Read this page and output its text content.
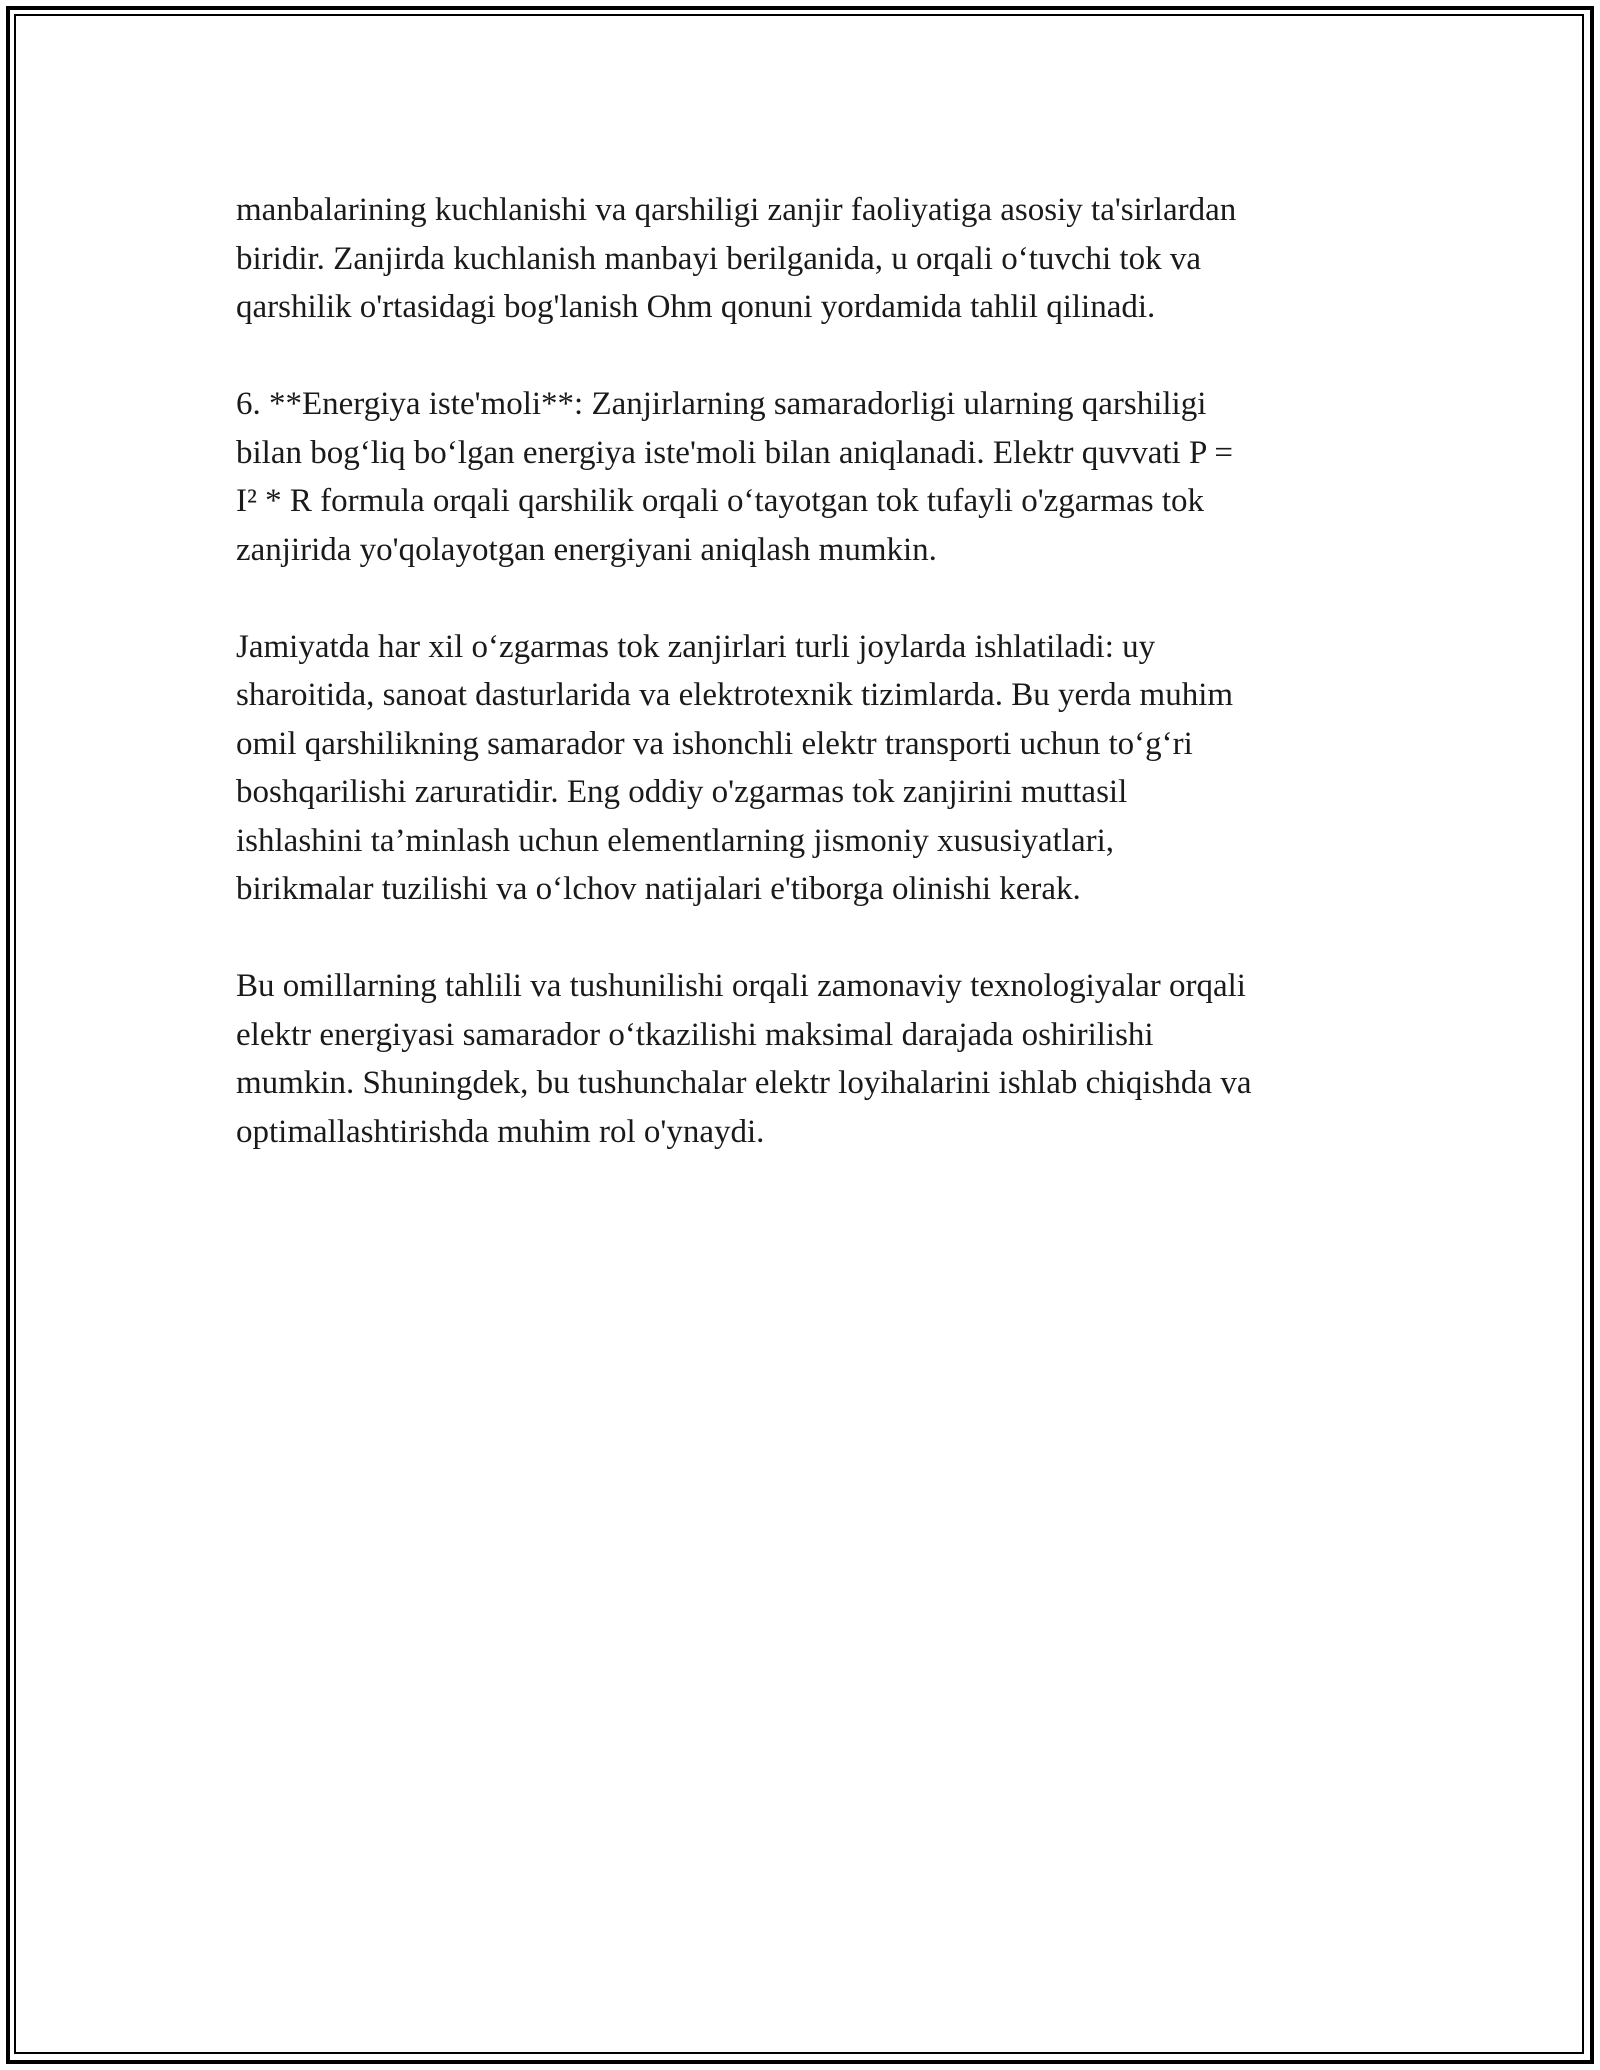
manbalarining kuchlanishi va qarshiligi zanjir faoliyatiga asosiy ta'sirlardan
biridir. Zanjirda kuchlanish manbayi berilganida, u orqali o‘tuvchi tok va
qarshilik o'rtasidagi bog'lanish Ohm qonuni yordamida tahlil qilinadi.

6. **Energiya iste'moli**: Zanjirlarning samaradorligi ularning qarshiligi
bilan bog‘liq bo‘lgan energiya iste'moli bilan aniqlanadi. Elektr quvvati P =
I² * R formula orqali qarshilik orqali o‘tayotgan tok tufayli o'zgarmas tok
zanjirida yo'qolayotgan energiyani aniqlash mumkin.

Jamiyatda har xil o‘zgarmas tok zanjirlari turli joylarda ishlatiladi: uy
sharoitida, sanoat dasturlarida va elektrotexnik tizimlarda. Bu yerda muhim
omil qarshilikning samarador va ishonchli elektr transporti uchun to‘g‘ri
boshqarilishi zaruratidir. Eng oddiy o'zgarmas tok zanjirini muttasil
ishlashini ta’minlash uchun elementlarning jismoniy xususiyatlari,
birikmalar tuzilishi va o‘lchov natijalari e'tiborga olinishi kerak.

Bu omillarning tahlili va tushunilishi orqali zamonaviy texnologiyalar orqali
elektr energiyasi samarador o‘tkazilishi maksimal darajada oshirilishi
mumkin. Shuningdek, bu tushunchalar elektr loyihalarini ishlab chiqishda va
optimallashtirishda muhim rol o'ynaydi.
